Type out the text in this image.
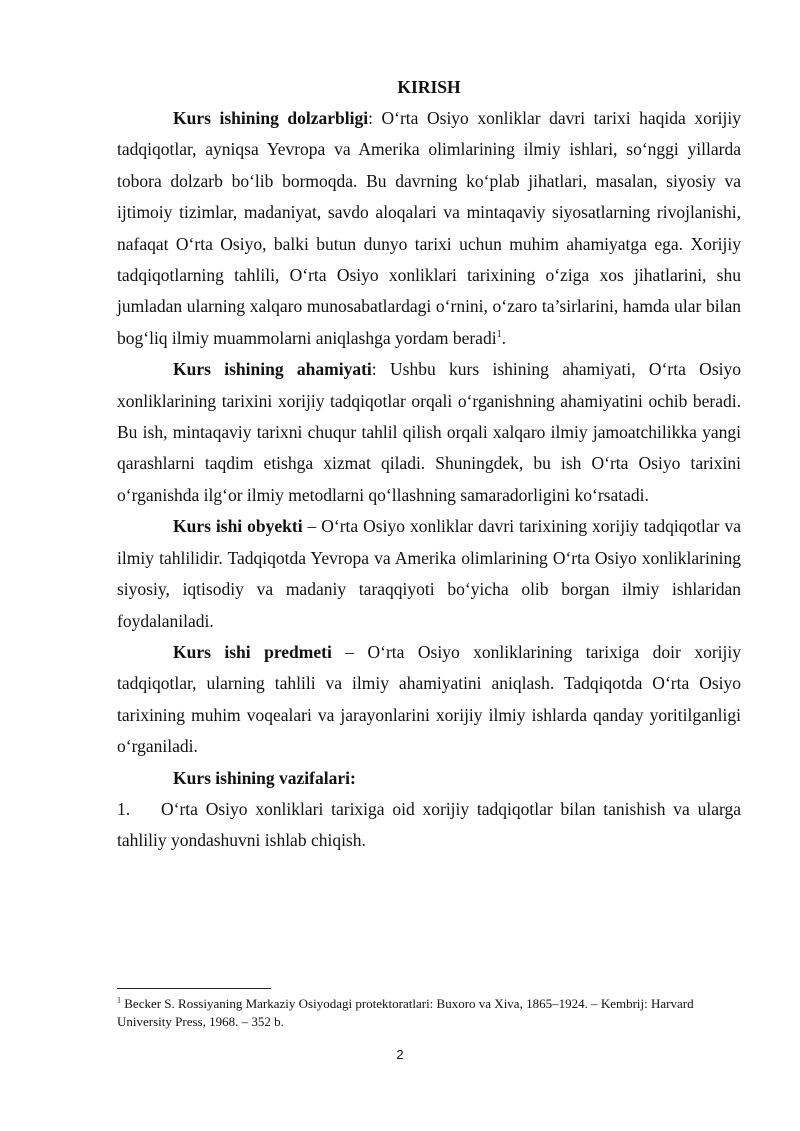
KIRISH

Kurs ishining dolzarbligi: O‘rta Osiyo xonliklar davri tarixi haqida xorijiy tadqiqotlar, ayniqsa Yevropa va Amerika olimlarining ilmiy ishlari, so‘nggi yillarda tobora dolzarb bo‘lib bormoqda. Bu davrning ko‘plab jihatlari, masalan, siyosiy va ijtimoiy tizimlar, madaniyat, savdo aloqalari va mintaqaviy siyosatlarning rivojlanishi, nafaqat O‘rta Osiyo, balki butun dunyo tarixi uchun muhim ahamiyatga ega. Xorijiy tadqiqotlarning tahlili, O‘rta Osiyo xonliklari tarixining o‘ziga xos jihatlarini, shu jumladan ularning xalqaro munosabatlardagi o‘rnini, o‘zaro ta’sirlarini, hamda ular bilan bog‘liq ilmiy muammolarni aniqlashga yordam beradi$^1$.

Kurs ishining ahamiyati: Ushbu kurs ishining ahamiyati, O‘rta Osiyo xonliklarining tarixini xorijiy tadqiqotlar orqali o‘rganishning ahamiyatini ochib beradi. Bu ish, mintaqaviy tarixni chuqur tahlil qilish orqali xalqaro ilmiy jamoatchilikka yangi qarashlarni taqdim etishga xizmat qiladi. Shuningdek, bu ish O‘rta Osiyo tarixini o‘rganishda ilg‘or ilmiy metodlarni qo‘llashning samaradorligini ko‘rsatadi.

Kurs ishi obyekti – O‘rta Osiyo xonliklar davri tarixining xorijiy tadqiqotlar va ilmiy tahlilidir. Tadqiqotda Yevropa va Amerika olimlarining O‘rta Osiyo xonliklarining siyosiy, iqtisodiy va madaniy taraqqiyoti bo‘yicha olib borgan ilmiy ishlaridan foydalaniladi.

Kurs ishi predmeti – O‘rta Osiyo xonliklarining tarixiga doir xorijiy tadqiqotlar, ularning tahlili va ilmiy ahamiyatini aniqlash. Tadqiqotda O‘rta Osiyo tarixining muhim voqealari va jarayonlarini xorijiy ilmiy ishlarda qanday yoritilganligi o‘rganiladi.

Kurs ishining vazifalari:

1. O‘rta Osiyo xonliklari tarixiga oid xorijiy tadqiqotlar bilan tanishish va ularga tahliliy yondashuvni ishlab chiqish.

$^1$ Becker S. Rossiyaning Markaziy Osiyodagi protektoratlari: Buxoro va Xiva, 1865–1924. – Kembrij: Harvard University Press, 1968. – 352 b.

2
